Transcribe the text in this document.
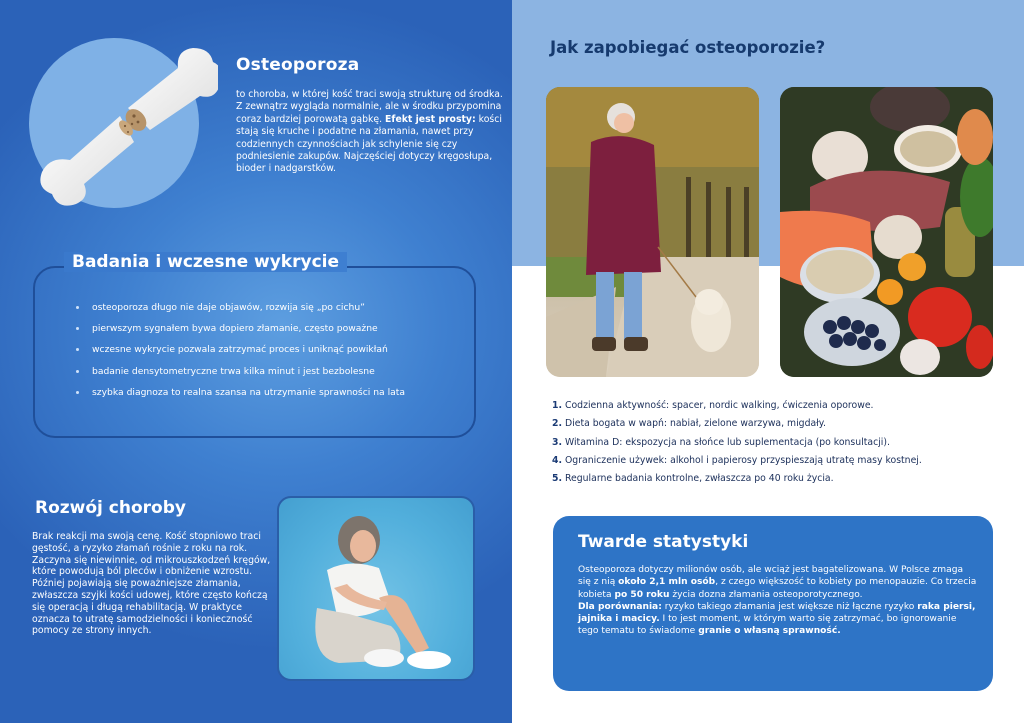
Osteoporoza

to choroba, w której kość traci swoją strukturę od środka. Z zewnątrz wygląda normalnie, ale w środku przypomina coraz bardziej porowatą gąbkę. Efekt jest prosty: kości stają się kruche i podatne na złamania, nawet przy codziennych czynnościach jak schylenie się czy podniesienie zakupów. Najczęściej dotyczy kręgosłupa, bioder i nadgarstków.

Badania i wczesne wykrycie
osteoporoza długo nie daje objawów, rozwija się „po cichu”
pierwszym sygnałem bywa dopiero złamanie, często poważne
wczesne wykrycie pozwala zatrzymać proces i uniknąć powikłań
badanie densytometryczne trwa kilka minut i jest bezbolesne
szybka diagnoza to realna szansa na utrzymanie sprawności na lata
Rozwój choroby

Brak reakcji ma swoją cenę. Kość stopniowo traci gęstość, a ryzyko złamań rośnie z roku na rok. Zaczyna się niewinnie, od mikrouszkodzeń kręgów, które powodują ból pleców i obniżenie wzrostu. Później pojawiają się poważniejsze złamania, zwłaszcza szyjki kości udowej, które często kończą się operacją i długą rehabilitacją. W praktyce oznacza to utratę samodzielności i konieczność pomocy ze strony innych.

Jak zapobiegać osteoporozie?
1. Codzienna aktywność: spacer, nordic walking, ćwiczenia oporowe.
2. Dieta bogata w wapń: nabiał, zielone warzywa, migdały.
3. Witamina D: ekspozycja na słońce lub suplementacja (po konsultacji).
4. Ograniczenie używek: alkohol i papierosy przyspieszają utratę masy kostnej.
5. Regularne badania kontrolne, zwłaszcza po 40 roku życia.
Twarde statystyki

Osteoporoza dotyczy milionów osób, ale wciąż jest bagatelizowana. W Polsce zmaga się z nią około 2,1 mln osób, z czego większość to kobiety po menopauzie. Co trzecia kobieta po 50 roku życia dozna złamania osteoporotycznego.
Dla porównania: ryzyko takiego złamania jest większe niż łączne ryzyko raka piersi, jajnika i macicy. I to jest moment, w którym warto się zatrzymać, bo ignorowanie tego tematu to świadome granie o własną sprawność.
